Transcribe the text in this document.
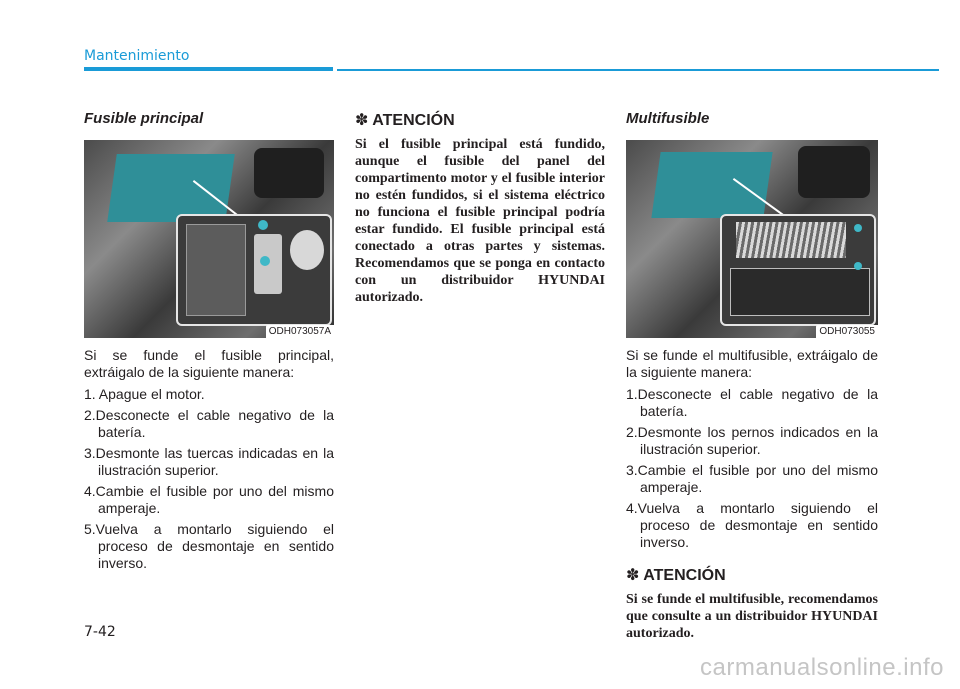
Mantenimiento
Fusible principal
ODH073057A

Si se funde el fusible principal, extráigalo de la siguiente manera:

1. Apague el motor.
2.Desconecte el cable negativo de la batería.
3.Desmonte las tuercas indicadas en la ilustración superior.
4.Cambie el fusible por uno del mismo amperaje.
5.Vuelva a montarlo siguiendo el proceso de desmontaje en sentido inverso.
✽ ATENCIÓN

Si el fusible principal está fundido, aunque el fusible del panel del compartimento motor y el fusible interior no estén fundidos, si el sistema eléctrico no funciona el fusible principal podría estar fundido. El fusible principal está conectado a otras partes y sistemas. Recomendamos que se ponga en contacto con un distribuidor HYUNDAI autorizado.

Multifusible
ODH073055

Si se funde el multifusible, extráigalo de la siguiente manera:

1.Desconecte el cable negativo de la batería.
2.Desmonte los pernos indicados en la ilustración superior.
3.Cambie el fusible por uno del mismo amperaje.
4.Vuelva a montarlo siguiendo el proceso de desmontaje en sentido inverso.
✽ ATENCIÓN

Si se funde el multifusible, recomendamos que consulte a un distribuidor HYUNDAI autorizado.

7-42
carmanualsonline.info
